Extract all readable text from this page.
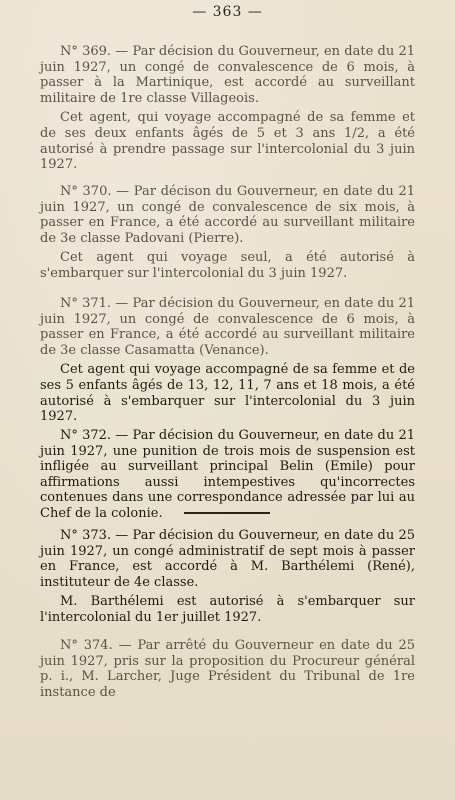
— 363 —

N° 369. — Par décision du Gouverneur, en date du 21 juin 1927, un congé de convalescence de 6 mois, à passer à la Martinique, est accordé au surveillant militaire de 1re classe Villageois.

Cet agent, qui voyage accompagné de sa femme et de ses deux enfants âgés de 5 et 3 ans 1/2, a été autorisé à prendre passage sur l'intercolonial du 3 juin 1927.

N° 370. — Par décison du Gouverneur, en date du 21 juin 1927, un congé de convalescence de six mois, à passer en France, a été accordé au surveillant militaire de 3e classe Padovani (Pierre).

Cet agent qui voyage seul, a été autorisé à s'embarquer sur l'intercolonial du 3 juin 1927.

N° 371. — Par décision du Gouverneur, en date du 21 juin 1927, un congé de convalescence de 6 mois, à passer en France, a été accordé au surveillant militaire de 3e classe Casamatta (Venance).

Cet agent qui voyage accompagné de sa femme et de ses 5 enfants âgés de 13, 12, 11, 7 ans et 18 mois, a été autorisé à s'embarquer sur l'intercolonial du 3 juin 1927.

N° 372. — Par décision du Gouverneur, en date du 21 juin 1927, une punition de trois mois de suspension est infligée au surveillant principal Belin (Emile) pour affirmations aussi intempestives qu'incorrectes contenues dans une correspondance adressée par lui au Chef de la colonie.

N° 373. — Par décision du Gouverneur, en date du 25 juin 1927, un congé administratif de sept mois à passer en France, est accordé à M. Barthélemi (René), instituteur de 4e classe.

M. Barthélemi est autorisé à s'embarquer sur l'intercolonial du 1er juillet 1927.

N° 374. — Par arrêté du Gouverneur en date du 25 juin 1927, pris sur la proposition du Procureur général p. i., M. Larcher, Juge Président du Tribunal de 1re instance de
